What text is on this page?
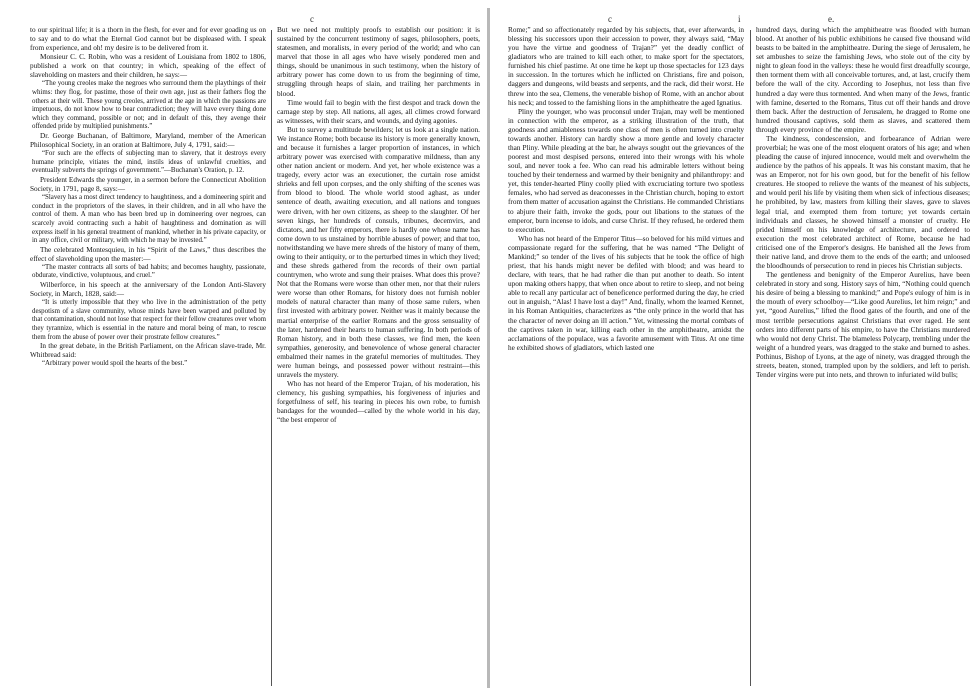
c	c	i	e.

to our spiritual life; it is a thorn in the flesh, for ever and for ever goading us on to say and to do what the Eternal God cannot but be displeased with. I speak from experience, and oh! my desire is to be delivered from it.

Monsieur C. C. Robin, who was a resident of Louisiana from 1802 to 1806, published a work on that country; in which, speaking of the effect of slaveholding on masters and their children, he says:—

“The young creoles make the negroes who surround them the playthings of their whims: they flog, for pastime, those of their own age, just as their fathers flog the others at their will. These young creoles, arrived at the age in which the passions are impetuous, do not know how to bear contradiction; they will have every thing done which they command, possible or not; and in default of this, they avenge their offended pride by multiplied punishments.”

Dr. George Buchanan, of Baltimore, Maryland, member of the American Philosophical Society, in an oration at Baltimore, July 4, 1791, said:—

“For such are the effects of subjecting man to slavery, that it destroys every humane principle, vitiates the mind, instils ideas of unlawful cruelties, and eventually subverts the springs of government.”—Buchanan's Oration, p. 12.

President Edwards the younger, in a sermon before the Connecticut Abolition Society, in 1791, page 8, says:—

“Slavery has a most direct tendency to haughtiness, and a domineering spirit and conduct in the proprietors of the slaves, in their children, and in all who have the control of them. A man who has been bred up in domineering over negroes, can scarcely avoid contracting such a habit of haughtiness and domination as will express itself in his general treatment of mankind, whether in his private capacity, or in any office, civil or military, with which he may be invested.”

The celebrated Montesquieu, in his “Spirit of the Laws,” thus describes the effect of slaveholding upon the master:—

“The master contracts all sorts of bad habits; and becomes haughty, passionate, obdurate, vindictive, voluptuous, and cruel.”

Wilberforce, in his speech at the anniversary of the London Anti-Slavery Society, in March, 1828, said:—

“It is utterly impossible that they who live in the administration of the petty despotism of a slave community, whose minds have been warped and polluted by that contamination, should not lose that respect for their fellow creatures over whom they tyrannize, which is essential in the nature and moral being of man, to rescue them from the abuse of power over their prostrate fellow creatures.”

In the great debate, in the British Parliament, on the African slave-trade, Mr. Whitbread said:

“Arbitrary power would spoil the hearts of the best.”

But we need not multiply proofs to establish our position: it is sustained by the concurrent testimony of sages, philosophers, poets, statesmen, and moralists, in every period of the world; and who can marvel that those in all ages who have wisely pondered men and things, should be unanimous in such testimony, when the history of arbitrary power has come down to us from the beginning of time, struggling through heaps of slain, and trailing her parchments in blood.

Time would fail to begin with the first despot and track down the carnage step by step. All nations, all ages, all climes crowd forward as witnesses, with their scars, and wounds, and dying agonies.

But to survey a multitude bewilders; let us look at a single nation. We instance Rome; both because its history is more generally known, and because it furnishes a larger proportion of instances, in which arbitrary power was exercised with comparative mildness, than any other nation ancient or modern. And yet, her whole existence was a tragedy, every actor was an executioner, the curtain rose amidst shrieks and fell upon corpses, and the only shifting of the scenes was from blood to blood. The whole world stood aghast, as under sentence of death, awaiting execution, and all nations and tongues were driven, with her own citizens, as sheep to the slaughter. Of her seven kings, her hundreds of consuls, tribunes, decemvirs, and dictators, and her fifty emperors, there is hardly one whose name has come down to us unstained by horrible abuses of power; and that too, notwithstanding we have mere shreds of the history of many of them, owing to their antiquity, or to the perturbed times in which they lived; and these shreds gathered from the records of their own partial countrymen, who wrote and sung their praises. What does this prove? Not that the Romans were worse than other men, nor that their rulers were worse than other Romans, for history does not furnish nobler models of natural character than many of those same rulers, when first invested with arbitrary power. Neither was it mainly because the martial enterprise of the earlier Romans and the gross sensuality of the later, hardened their hearts to human suffering. In both periods of Roman history, and in both these classes, we find men, the keen sympathies, generosity, and benevolence of whose general character embalmed their names in the grateful memories of multitudes. They were human beings, and possessed power without restraint—this unravels the mystery.

Who has not heard of the Emperor Trajan, of his moderation, his clemency, his gushing sympathies, his forgiveness of injuries and forgetfulness of self, his tearing in pieces his own robe, to furnish bandages for the wounded—called by the whole world in his day, “the best emperor of

Rome;” and so affectionately regarded by his subjects, that, ever afterwards, in blessing his successors upon their accession to power, they always said, “May you have the virtue and goodness of Trajan?” yet the deadly conflict of gladiators who are trained to kill each other, to make sport for the spectators, furnished his chief pastime. At one time he kept up those spectacles for 123 days in succession. In the tortures which he inflicted on Christians, fire and poison, daggers and dungeons, wild beasts and serpents, and the rack, did their worst. He threw into the sea, Clemens, the venerable bishop of Rome, with an anchor about his neck; and tossed to the famishing lions in the amphitheatre the aged Ignatius.

Pliny the younger, who was proconsul under Trajan, may well be mentioned in connection with the emperor, as a striking illustration of the truth, that goodness and amiableness towards one class of men is often turned into cruelty towards another. History can hardly show a more gentle and lovely character than Pliny. While pleading at the bar, he always sought out the grievances of the poorest and most despised persons, entered into their wrongs with his whole soul, and never took a fee. Who can read his admirable letters without being touched by their tenderness and warmed by their benignity and philanthropy: and yet, this tender-hearted Pliny coolly plied with excruciating torture two spotless females, who had served as deaconesses in the Christian church, hoping to extort from them matter of accusation against the Christians. He commanded Christians to abjure their faith, invoke the gods, pour out libations to the statues of the emperor, burn incense to idols, and curse Christ. If they refused, he ordered them to execution.

Who has not heard of the Emperor Titus—so beloved for his mild virtues and compassionate regard for the suffering, that he was named “The Delight of Mankind;” so tender of the lives of his subjects that he took the office of high priest, that his hands might never be defiled with blood; and was heard to declare, with tears, that he had rather die than put another to death. So intent upon making others happy, that when once about to retire to sleep, and not being able to recall any particular act of beneficence performed during the day, he cried out in anguish, “Alas! I have lost a day!” And, finally, whom the learned Kennet, in his Roman Antiquities, characterizes as “the only prince in the world that has the character of never doing an ill action.” Yet, witnessing the mortal combats of the captives taken in war, killing each other in the amphitheatre, amidst the acclamations of the populace, was a favorite amusement with Titus. At one time he exhibited shows of gladiators, which lasted one

hundred days, during which the amphitheatre was flooded with human blood. At another of his public exhibitions he caused five thousand wild beasts to be baited in the amphitheatre. During the siege of Jerusalem, he set ambushes to seize the famishing Jews, who stole out of the city by night to glean food in the valleys: these he would first dreadfully scourge, then torment them with all conceivable tortures, and, at last, crucify them before the wall of the city. According to Josephus, not less than five hundred a day were thus tormented. And when many of the Jews, frantic with famine, deserted to the Romans, Titus cut off their hands and drove them back. After the destruction of Jerusalem, he dragged to Rome one hundred thousand captives, sold them as slaves, and scattered them through every province of the empire.

The kindness, condescension, and forbearance of Adrian were proverbial; he was one of the most eloquent orators of his age; and when pleading the cause of injured innocence, would melt and overwhelm the audience by the pathos of his appeals. It was his constant maxim, that he was an Emperor, not for his own good, but for the benefit of his fellow creatures. He stooped to relieve the wants of the meanest of his subjects, and would peril his life by visiting them when sick of infectious diseases; he prohibited, by law, masters from killing their slaves, gave to slaves legal trial, and exempted them from torture; yet towards certain individuals and classes, he showed himself a monster of cruelty. He prided himself on his knowledge of architecture, and ordered to execution the most celebrated architect of Rome, because he had criticised one of the Emperor's designs. He banished all the Jews from their native land, and drove them to the ends of the earth; and unloosed the bloodhounds of persecution to rend in pieces his Christian subjects.

The gentleness and benignity of the Emperor Aurelius, have been celebrated in story and song. History says of him, “Nothing could quench his desire of being a blessing to mankind;” and Pope's eulogy of him is in the mouth of every schoolboy—“Like good Aurelius, let him reign;” and yet, “good Aurelius,” lifted the flood gates of the fourth, and one of the most terrible persecutions against Christians that ever raged. He sent orders into different parts of his empire, to have the Christians murdered who would not deny Christ. The blameless Polycarp, trembling under the weight of a hundred years, was dragged to the stake and burned to ashes. Pothinus, Bishop of Lyons, at the age of ninety, was dragged through the streets, beaten, stoned, trampled upon by the soldiers, and left to perish. Tender virgins were put into nets, and thrown to infuriated wild bulls;
